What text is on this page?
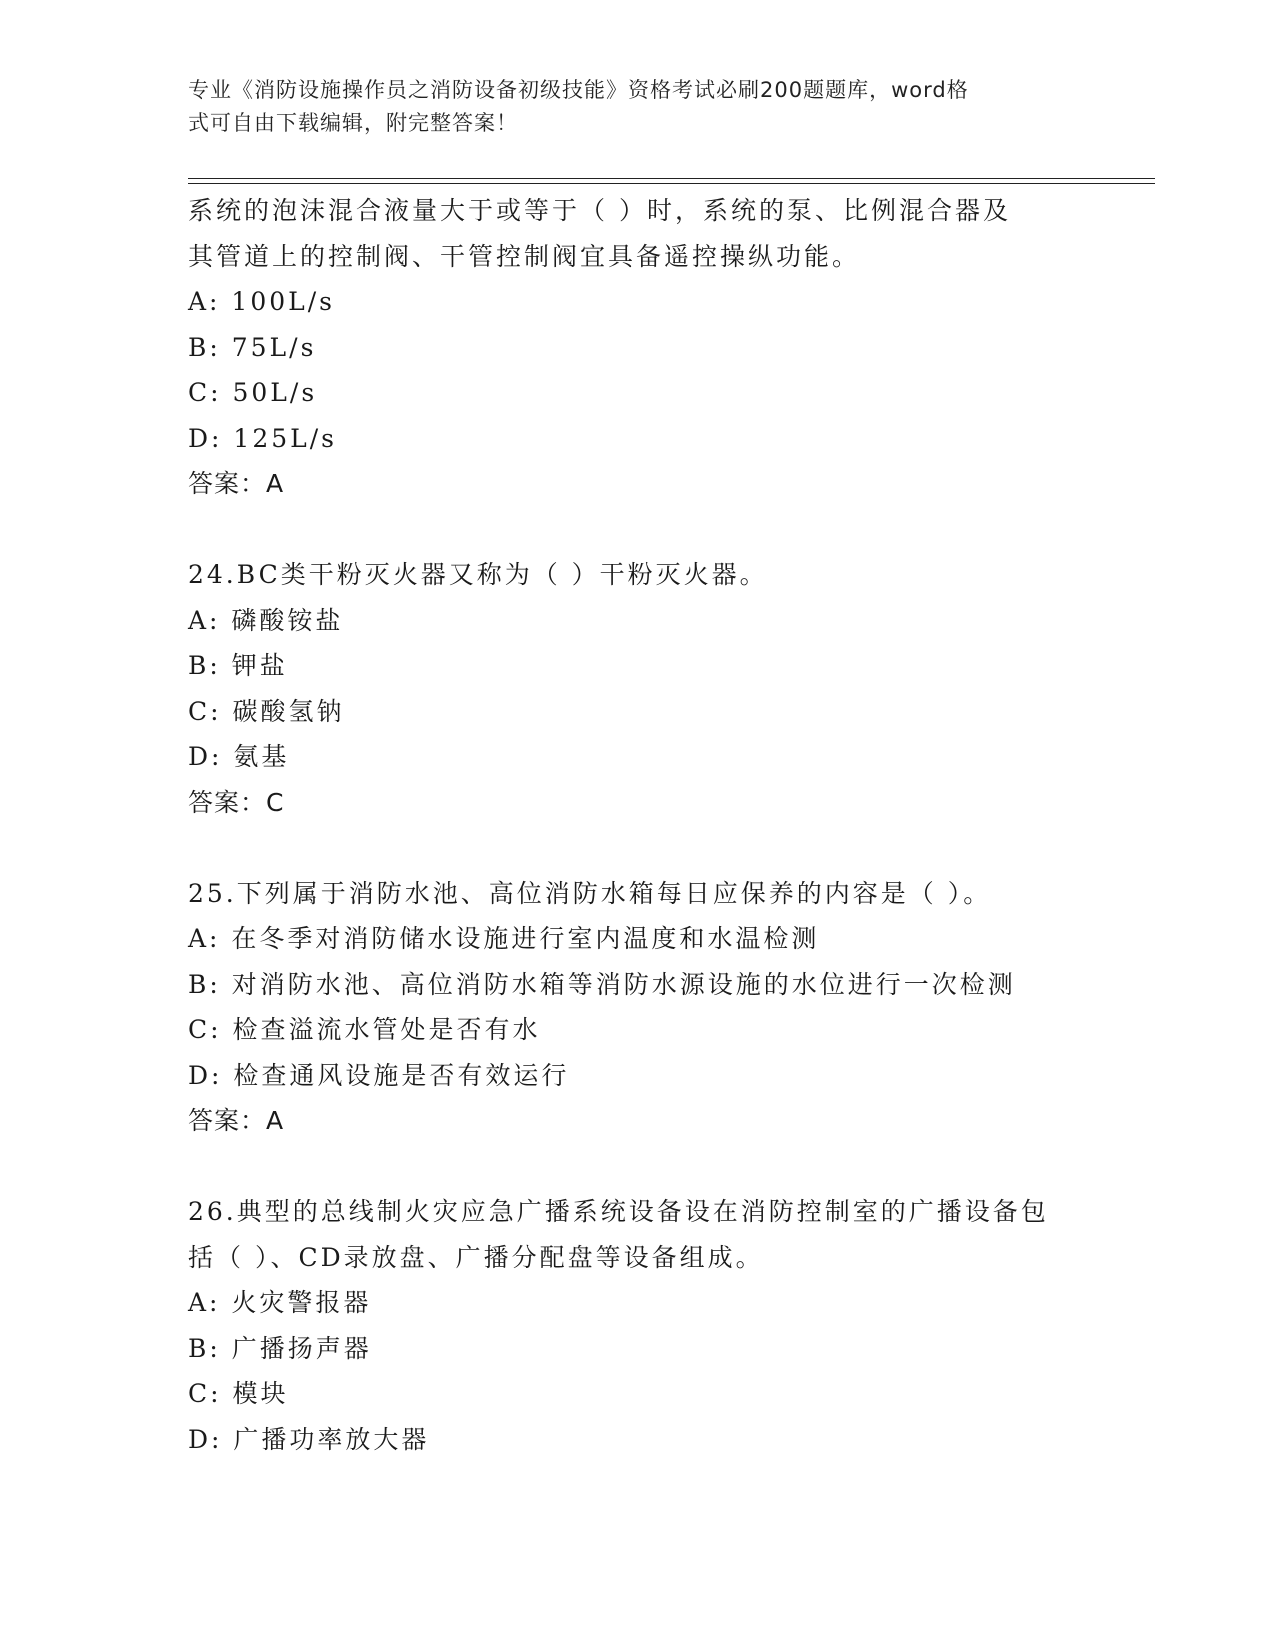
专业《消防设施操作员之消防设备初级技能》资格考试必刷200题题库，word格
式可自由下载编辑，附完整答案！
系统的泡沫混合液量大于或等于（ ）时，系统的泵、比例混合器及
其管道上的控制阀、干管控制阀宜具备遥控操纵功能。
A: 100L/s
B: 75L/s
C: 50L/s
D: 125L/s
答案：A
24.BC类干粉灭火器又称为（ ）干粉灭火器。
A: 磷酸铵盐
B: 钾盐
C: 碳酸氢钠
D: 氨基
答案：C
25.下列属于消防水池、高位消防水箱每日应保养的内容是（ ）。
A: 在冬季对消防储水设施进行室内温度和水温检测
B: 对消防水池、高位消防水箱等消防水源设施的水位进行一次检测
C: 检查溢流水管处是否有水
D: 检查通风设施是否有效运行
答案：A
26.典型的总线制火灾应急广播系统设备设在消防控制室的广播设备包
括（ ）、CD录放盘、广播分配盘等设备组成。
A: 火灾警报器
B: 广播扬声器
C: 模块
D: 广播功率放大器
